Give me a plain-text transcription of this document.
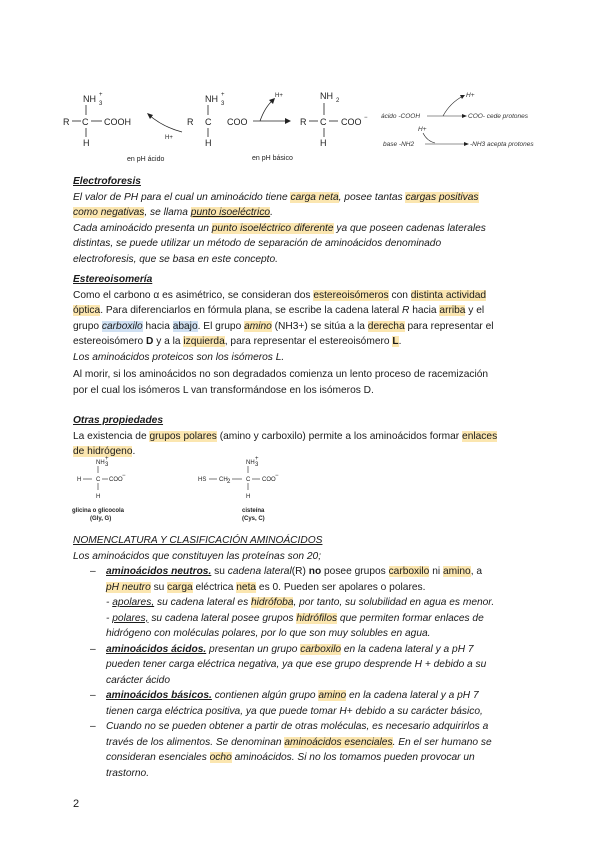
NH +
3
R C COOH
H	H+
NH +
3
R C COO
H
H+	NH 2
R C COO −
H
en pH ácido	en pH básico
ácido -COOH
H+
COO- cede protones
H+
base -NH2	-NH3 acepta protones
Electroforesis
El valor de PH para el cual un aminoácido tiene carga neta, posee tantas cargas positivas
como negativas, se llama punto isoeléctrico.
Cada aminoácido presenta un punto isoeléctrico diferente ya que poseen cadenas laterales
distintas, se puede utilizar un método de separación de aminoácidos denominado
electroforesis, que se basa en este concepto.
Estereoisomería
Como el carbono α es asimétrico, se consideran dos estereoisómeros con distinta actividad
óptica. Para diferenciarlos en fórmula plana, se escribe la cadena lateral R hacia arriba y el
grupo carboxilo hacia abajo. El grupo amino (NH3+) se sitúa a la derecha para representar el
estereoisómero D y a la izquierda, para representar el estereoisómero L.
Los aminoácidos proteicos son los isómeros L.
Al morir, si los aminoácidos no son degradados comienza un lento proceso de racemización
por el cual los isómeros L van transformándose en los isómeros D.
Otras propiedades
La existencia de grupos polares (amino y carboxilo) permite a los aminoácidos formar enlaces
de hidrógeno.
NH
+
3
H C COO
−
H
glicina o glicocola
(Gly, G)
NH
+
3
HS CH 2	C COO
−
H
cisteína
(Cys, C)
NOMENCLATURA Y CLASIFICACIÓN AMINOÁCIDOS
Los aminoácidos que constituyen las proteínas son 20;
– aminoácidos neutros. su cadena lateral(R) no posee grupos carboxilo ni amino, a
pH neutro su carga eléctrica neta es 0. Pueden ser apolares o polares.
- apolares, su cadena lateral es hidrófoba, por tanto, su solubilidad en agua es menor.
- polares, su cadena lateral posee grupos hidrófilos que permiten formar enlaces de
hidrógeno con moléculas polares, por lo que son muy solubles en agua.
– aminoácidos ácidos. presentan un grupo carboxilo en la cadena lateral y a pH 7
pueden tener carga eléctrica negativa, ya que ese grupo desprende H + debido a su
carácter ácido
– aminoácidos básicos. contienen algún grupo amino en la cadena lateral y a pH 7
tienen carga eléctrica positiva, ya que puede tomar H+ debido a su carácter básico,
– Cuando no se pueden obtener a partir de otras moléculas, es necesario adquirirlos a
través de los alimentos. Se denominan aminoácidos esenciales. En el ser humano se
consideran esenciales ocho aminoácidos. Si no los tomamos pueden provocar un
trastorno.
2
